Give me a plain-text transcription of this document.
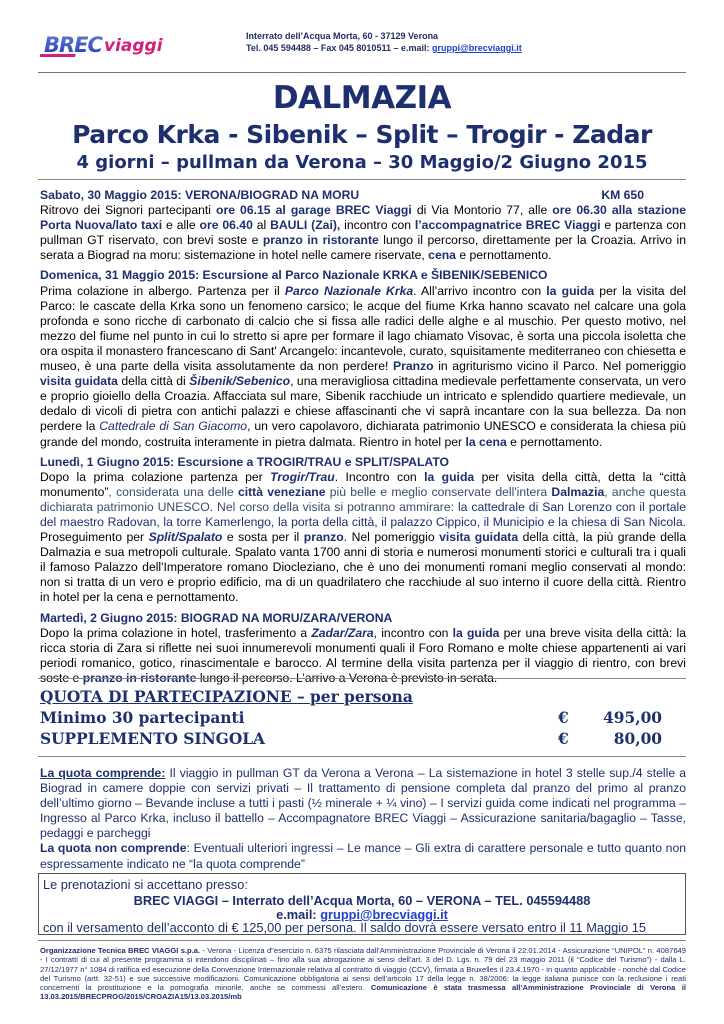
BREC viaggi	Interrato dell’Acqua Morta, 60 - 37129 Verona
Tel. 045 594488 – Fax 045 8010511 – e.mail: gruppi@brecviaggi.it
DALMAZIA
Parco Krka - Sibenik – Split – Trogir - Zadar
4 giorni – pullman da Verona – 30 Maggio/2 Giugno 2015
Sabato, 30 Maggio 2015: VERONA/BIOGRAD NA MORU	KM 650
Ritrovo dei Signori partecipanti ore 06.15 al garage BREC Viaggi di Via Montorio 77, alle ore 06.30 alla stazione Porta Nuova/lato taxi e alle ore 06.40 al BAULI (Zai), incontro con l’accompagnatrice BREC Viaggi e partenza con pullman GT riservato, con brevi soste e pranzo in ristorante lungo il percorso, direttamente per la Croazia. Arrivo in serata a Biograd na moru: sistemazione in hotel nelle camere riservate, cena e pernottamento.
Domenica, 31 Maggio 2015: Escursione al Parco Nazionale KRKA e ŠIBENIK/SEBENICO
Prima colazione in albergo. Partenza per il Parco Nazionale Krka. All’arrivo incontro con la guida per la visita del Parco: le cascate della Krka sono un fenomeno carsico; le acque del fiume Krka hanno scavato nel calcare una gola profonda e sono ricche di carbonato di calcio che si fissa alle radici delle alghe e al muschio. Per questo motivo, nel mezzo del fiume nel punto in cui lo stretto si apre per formare il lago chiamato Visovac, è sorta una piccola isoletta che ora ospita il monastero francescano di Sant' Arcangelo: incantevole, curato, squisitamente mediterraneo con chiesetta e museo, è una parte della visita assolutamente da non perdere! Pranzo in agriturismo vicino il Parco. Nel pomeriggio visita guidata della città di Šibenik/Sebenico, una meravigliosa cittadina medievale perfettamente conservata, un vero e proprio gioiello della Croazia. Affacciata sul mare, Sibenik racchiude un intricato e splendido quartiere medievale, un dedalo di vicoli di pietra con antichi palazzi e chiese affascinanti che vi saprà incantare con la sua bellezza. Da non perdere la Cattedrale di San Giacomo, un vero capolavoro, dichiarata patrimonio UNESCO e considerata la chiesa più grande del mondo, costruita interamente in pietra dalmata. Rientro in hotel per la cena e pernottamento.
Lunedì, 1 Giugno 2015: Escursione a TROGIR/TRAU e SPLIT/SPALATO
Dopo la prima colazione partenza per Trogir/Trau. Incontro con la guida per visita della città, detta la “città monumento”, considerata una delle città veneziane più belle e meglio conservate dell'intera Dalmazia, anche questa dichiarata patrimonio UNESCO. Nel corso della visita si potranno ammirare: la cattedrale di San Lorenzo con il portale del maestro Radovan, la torre Kamerlengo, la porta della città, il palazzo Cippico, il Municipio e la chiesa di San Nicola. Proseguimento per Split/Spalato e sosta per il pranzo. Nel pomeriggio visita guidata della città, la più grande della Dalmazia e sua metropoli culturale. Spalato vanta 1700 anni di storia e numerosi monumenti storici e culturali tra i quali il famoso Palazzo dell'Imperatore romano Diocleziano, che è uno dei monumenti romani meglio conservati al mondo: non si tratta di un vero e proprio edificio, ma di un quadrilatero che racchiude al suo interno il cuore della città. Rientro in hotel per la cena e pernottamento.
Martedì, 2 Giugno 2015: BIOGRAD NA MORU/ZARA/VERONA
Dopo la prima colazione in hotel, trasferimento a Zadar/Zara, incontro con la guida per una breve visita della città: la ricca storia di Zara si riflette nei suoi innumerevoli monumenti quali il Foro Romano e molte chiese appartenenti ai vari periodi romanico, gotico, rinascimentale e barocco. Al termine della visita partenza per il viaggio di rientro, con brevi soste e pranzo in ristorante lungo il percorso. L’arrivo a Verona è previsto in serata.
QUOTA DI PARTECIPAZIONE – per persona
Minimo 30 partecipanti	€ 495,00
SUPPLEMENTO SINGOLA	€	80,00
La quota comprende: Il viaggio in pullman GT da Verona a Verona – La sistemazione in hotel 3 stelle sup./4 stelle a Biograd in camere doppie con servizi privati – Il trattamento di pensione completa dal pranzo del primo al pranzo dell’ultimo giorno – Bevande incluse a tutti i pasti (½ minerale + ¼ vino) – I servizi guida come indicati nel programma – Ingresso al Parco Krka, incluso il battello – Accompagnatore BREC Viaggi – Assicurazione sanitaria/bagaglio – Tasse, pedaggi e parcheggi
La quota non comprende: Eventuali ulteriori ingressi – Le mance – Gli extra di carattere personale e tutto quanto non espressamente indicato ne “la quota comprende”
Le prenotazioni si accettano presso:
BREC VIAGGI – Interrato dell’Acqua Morta, 60 – VERONA – TEL. 045594488
e.mail: gruppi@brecviaggi.it
con il versamento dell’acconto di € 125,00 per persona. Il saldo dovrà essere versato entro il 11 Maggio 15
Organizzazione Tecnica BREC VIAGGI s.p.a. - Verona - Licenza d"esercizio n. 6375 rilasciata dall’Amministrazione Provinciale di Verona il 22.01.2014 - Assicurazione “UNIPOL” n. 4087649 - I contratti di cui al presente programma si intendono disciplinati – fino alla sua abrogazione ai sensi dell’art. 3 del D. Lgs. n. 79 del 23 maggio 2011 (il “Codice del Turismo”) - dalla L. 27/12/1977 n° 1084 di ratifica ed esecuzione della Convenzione Internazionale relativa al contratto di viaggio (CCV), firmata a Bruxelles il 23.4.1970 - in quanto applicabile - nonchè dal Codice del Turismo (artt. 32-51) e sue successive modificazioni. Comunicazione obbligatoria ai sensi dell’articolo 17 della legge n. 38/2006: la legge italiana punisce con la reclusione i reati concernenti la prostituzione e la pornografia minorile, anche se commessi all’estero. Comunicazione è stata trasmessa all’Amministrazione Provinciale di Verona il 13.03.2015/BRECPROG/2015/CROAZIA15/13.03.2015/mb
